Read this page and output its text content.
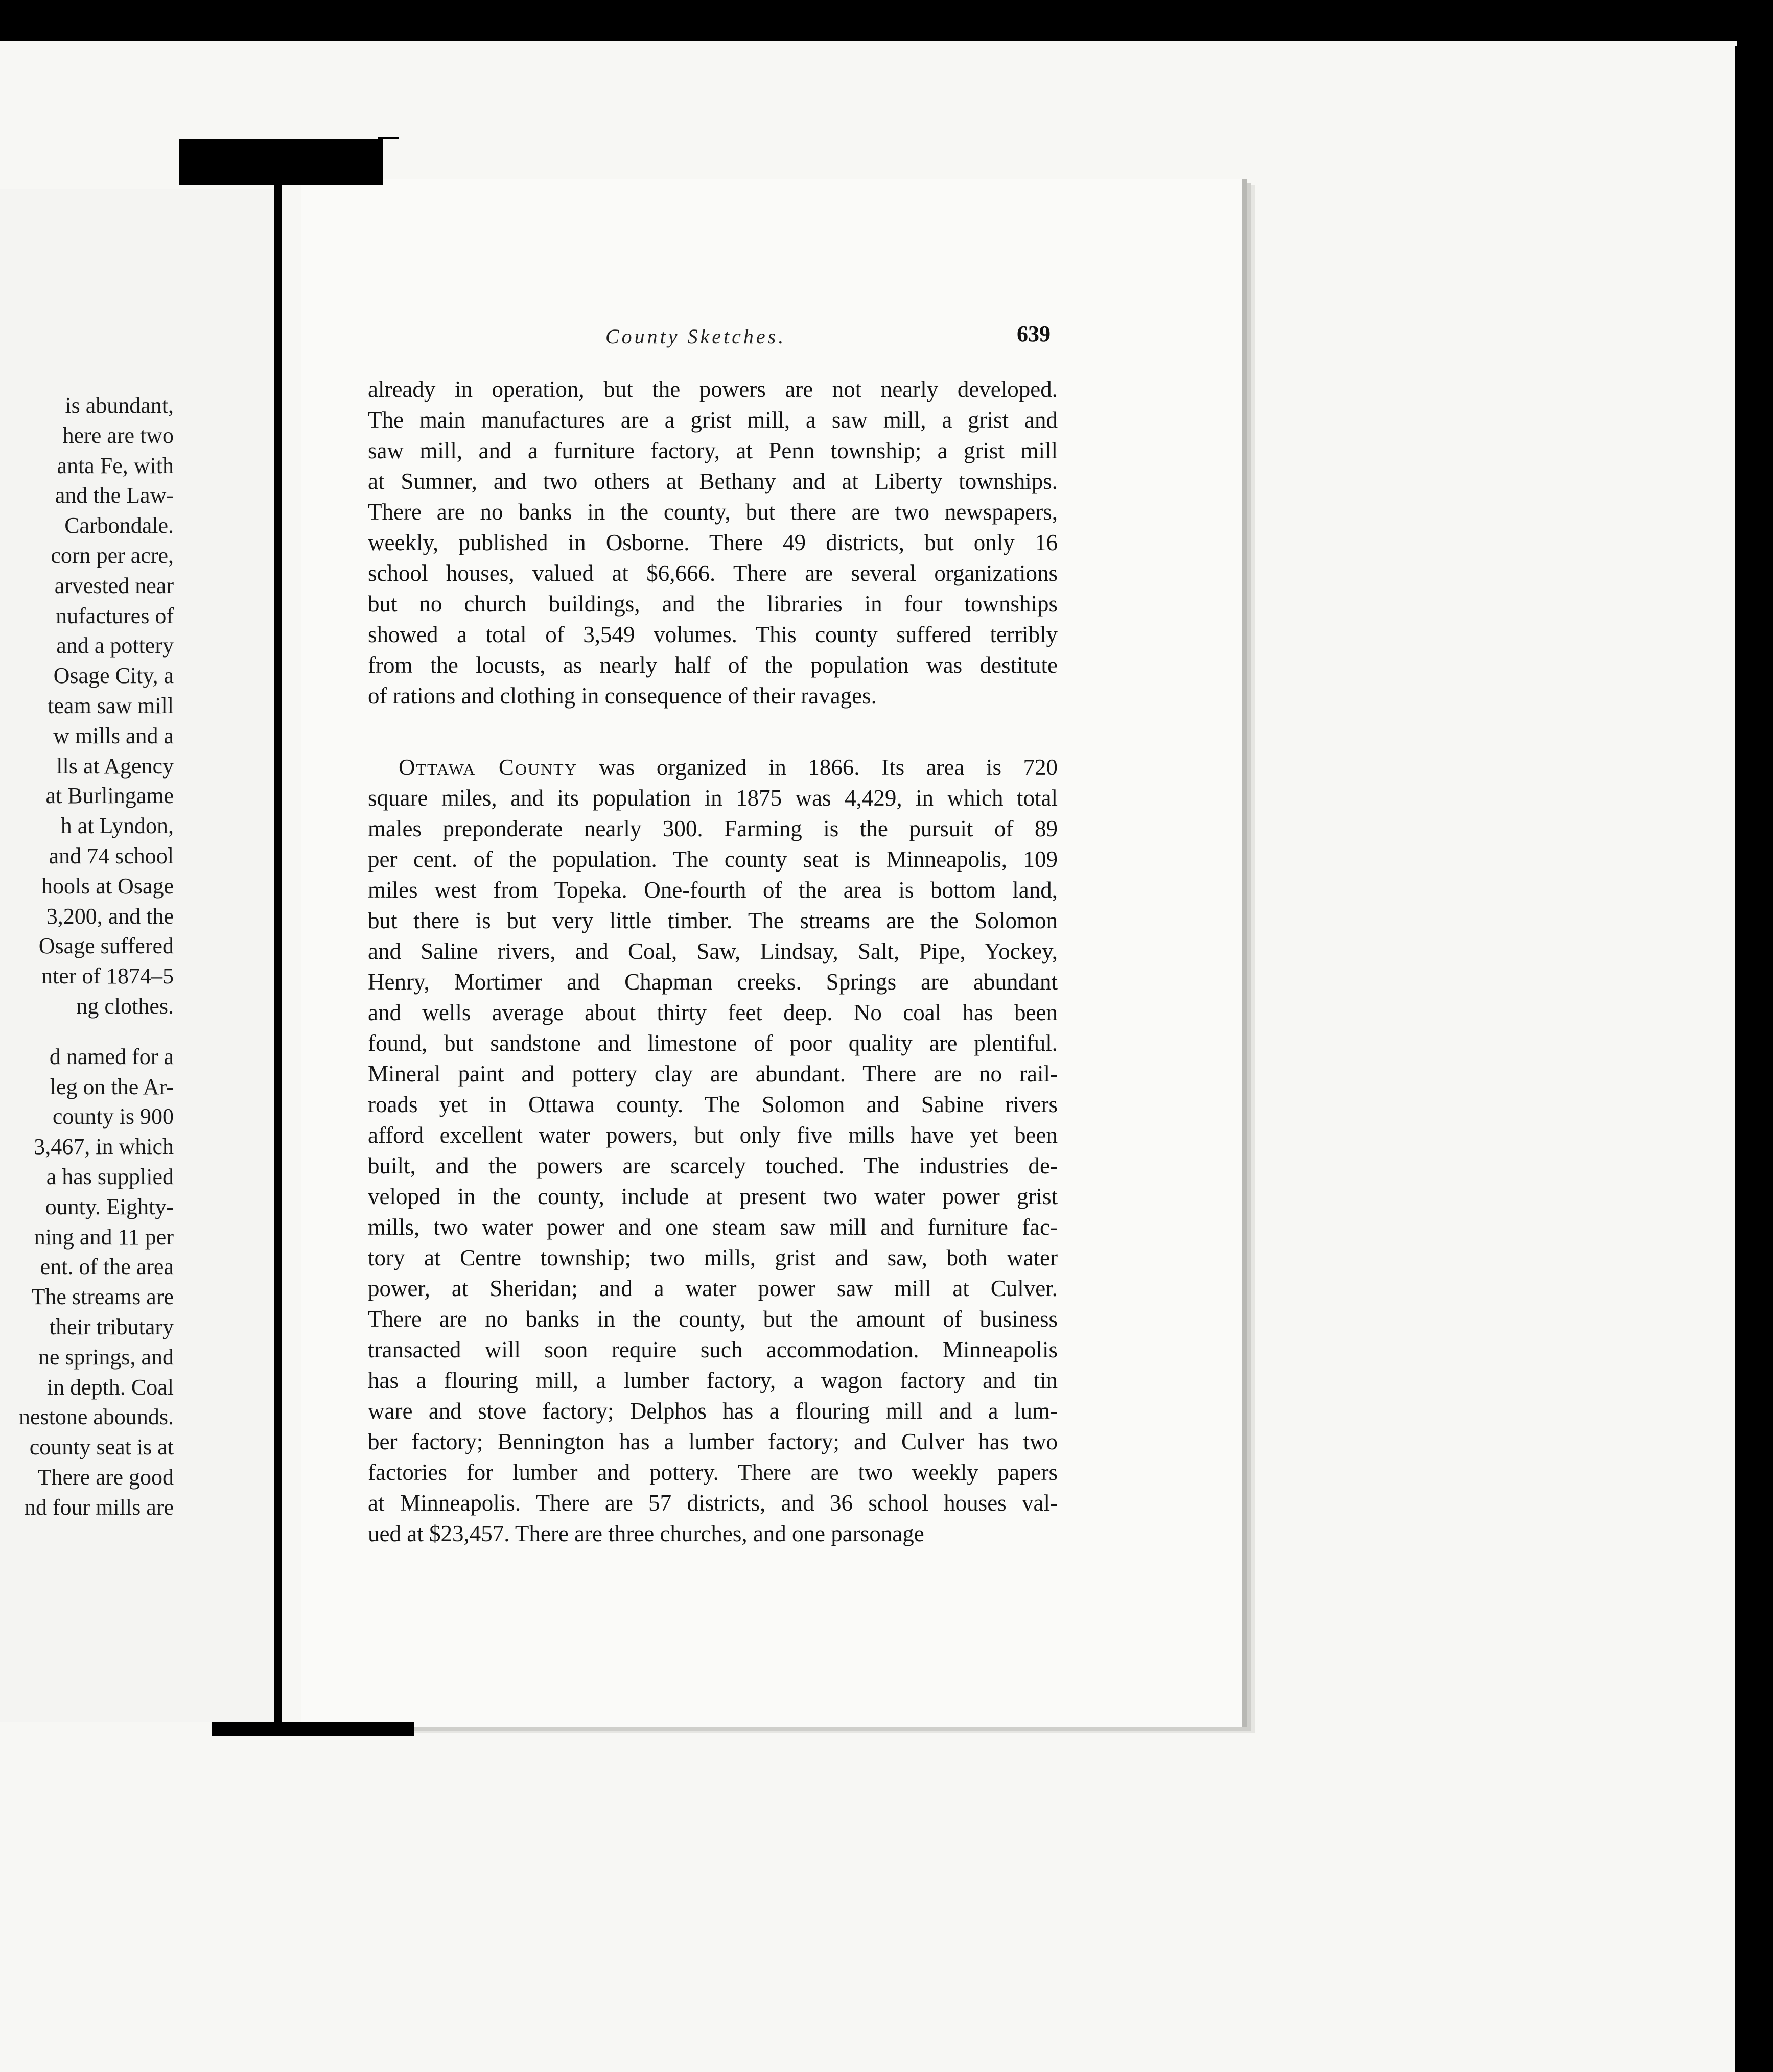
is abundant,

here are two

anta Fe, with

and the Law-

Carbondale.

corn per acre,

arvested near

nufactures of

and a pottery

Osage City, a

team saw mill

w mills and a

lls at Agency

at Burlingame

h at Lyndon,

and 74 school

hools at Osage

3,200, and the

Osage suffered

nter of 1874–5

ng clothes.

d named for a

leg on the Ar-

county is 900

3,467, in which

a has supplied

ounty. Eighty-

ning and 11 per

ent. of the area

The streams are

their tributary

ne springs, and

in depth. Coal

nestone abounds.

county seat is at

There are good

nd four mills are

County Sketches.	639
already in operation, but the powers are not nearly developed.
The main manufactures are a grist mill, a saw mill, a grist and
saw mill, and a furniture factory, at Penn township; a grist mill
at Sumner, and two others at Bethany and at Liberty townships.
There are no banks in the county, but there are two newspapers,
weekly, published in Osborne. There 49 districts, but only 16
school houses, valued at $6,666. There are several organizations
but no church buildings, and the libraries in four townships
showed a total of 3,549 volumes. This county suffered terribly
from the locusts, as nearly half of the population was destitute
of rations and clothing in consequence of their ravages.
Ottawa County was organized in 1866. Its area is 720
square miles, and its population in 1875 was 4,429, in which total
males preponderate nearly 300. Farming is the pursuit of 89
per cent. of the population. The county seat is Minneapolis, 109
miles west from Topeka. One-fourth of the area is bottom land,
but there is but very little timber. The streams are the Solomon
and Saline rivers, and Coal, Saw, Lindsay, Salt, Pipe, Yockey,
Henry, Mortimer and Chapman creeks. Springs are abundant
and wells average about thirty feet deep. No coal has been
found, but sandstone and limestone of poor quality are plentiful.
Mineral paint and pottery clay are abundant. There are no rail-
roads yet in Ottawa county. The Solomon and Sabine rivers
afford excellent water powers, but only five mills have yet been
built, and the powers are scarcely touched. The industries de-
veloped in the county, include at present two water power grist
mills, two water power and one steam saw mill and furniture fac-
tory at Centre township; two mills, grist and saw, both water
power, at Sheridan; and a water power saw mill at Culver.
There are no banks in the county, but the amount of business
transacted will soon require such accommodation. Minneapolis
has a flouring mill, a lumber factory, a wagon factory and tin
ware and stove factory; Delphos has a flouring mill and a lum-
ber factory; Bennington has a lumber factory; and Culver has two
factories for lumber and pottery. There are two weekly papers
at Minneapolis. There are 57 districts, and 36 school houses val-
ued at $23,457. There are three churches, and one parsonage
